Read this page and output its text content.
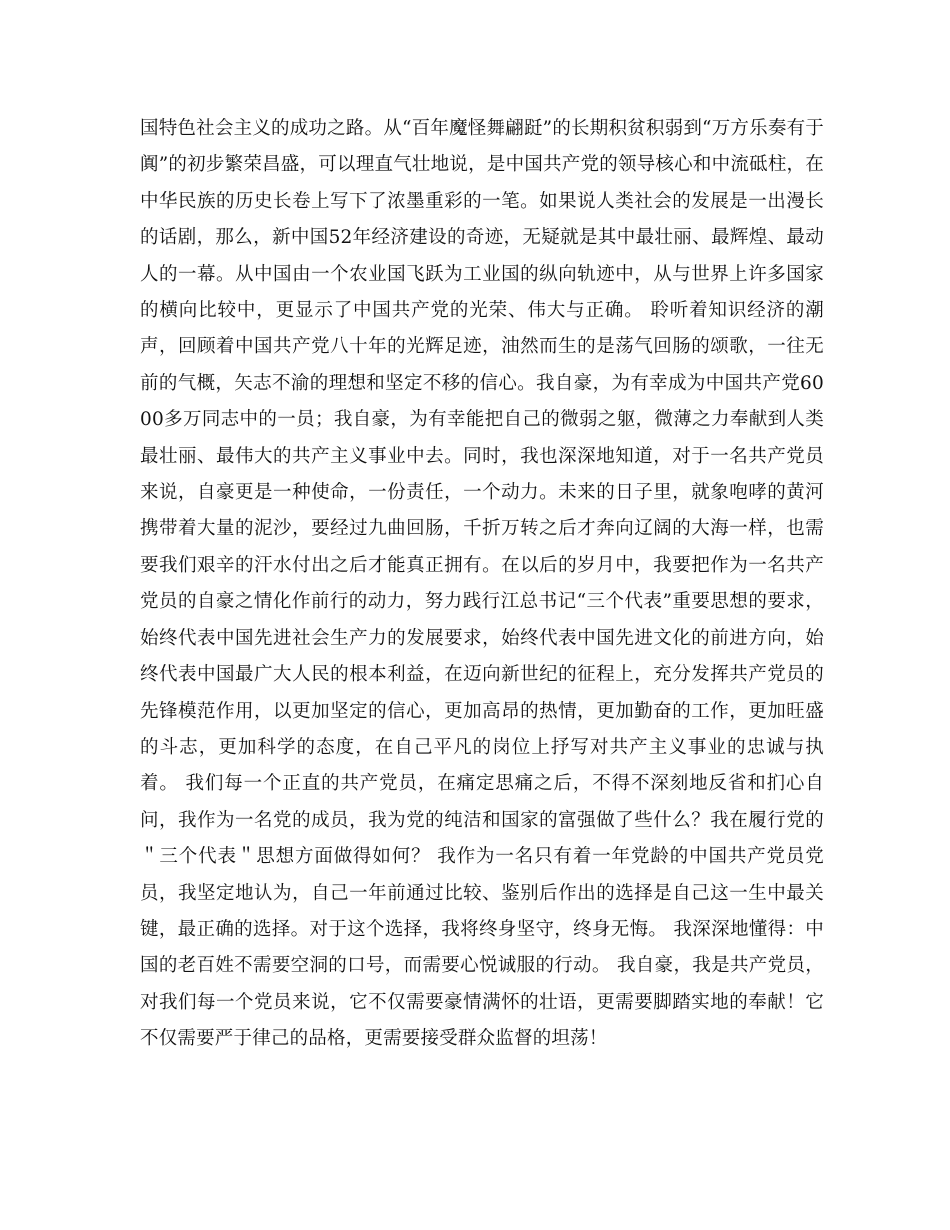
国特色社会主义的成功之路。从“百年魔怪舞翩跹”的长期积贫积弱到“万方乐奏有于阗”的初步繁荣昌盛，可以理直气壮地说，是中国共产党的领导核心和中流砥柱，在中华民族的历史长卷上写下了浓墨重彩的一笔。如果说人类社会的发展是一出漫长的话剧，那么，新中国52年经济建设的奇迹，无疑就是其中最壮丽、最辉煌、最动人的一幕。从中国由一个农业国飞跃为工业国的纵向轨迹中，从与世界上许多国家的横向比较中，更显示了中国共产党的光荣、伟大与正确。 聆听着知识经济的潮声，回顾着中国共产党八十年的光辉足迹，油然而生的是荡气回肠的颂歌，一往无前的气概，矢志不渝的理想和坚定不移的信心。我自豪，为有幸成为中国共产党6000多万同志中的一员；我自豪，为有幸能把自己的微弱之躯，微薄之力奉献到人类最壮丽、最伟大的共产主义事业中去。同时，我也深深地知道，对于一名共产党员来说，自豪更是一种使命，一份责任，一个动力。未来的日子里，就象咆哮的黄河携带着大量的泥沙，要经过九曲回肠，千折万转之后才奔向辽阔的大海一样，也需要我们艰辛的汗水付出之后才能真正拥有。在以后的岁月中，我要把作为一名共产党员的自豪之情化作前行的动力，努力践行江总书记“三个代表”重要思想的要求，始终代表中国先进社会生产力的发展要求，始终代表中国先进文化的前进方向，始终代表中国最广大人民的根本利益，在迈向新世纪的征程上，充分发挥共产党员的先锋模范作用，以更加坚定的信心，更加高昂的热情，更加勤奋的工作，更加旺盛的斗志，更加科学的态度，在自己平凡的岗位上抒写对共产主义事业的忠诚与执着。 我们每一个正直的共产党员，在痛定思痛之后，不得不深刻地反省和扪心自问，我作为一名党的成员，我为党的纯洁和国家的富强做了些什么？我在履行党的＂三个代表＂思想方面做得如何？ 我作为一名只有着一年党龄的中国共产党员党员，我坚定地认为，自己一年前通过比较、鉴别后作出的选择是自己这一生中最关键，最正确的选择。对于这个选择，我将终身坚守，终身无悔。 我深深地懂得：中国的老百姓不需要空洞的口号，而需要心悦诚服的行动。 我自豪，我是共产党员，对我们每一个党员来说，它不仅需要豪情满怀的壮语，更需要脚踏实地的奉献！它不仅需要严于律己的品格，更需要接受群众监督的坦荡！
